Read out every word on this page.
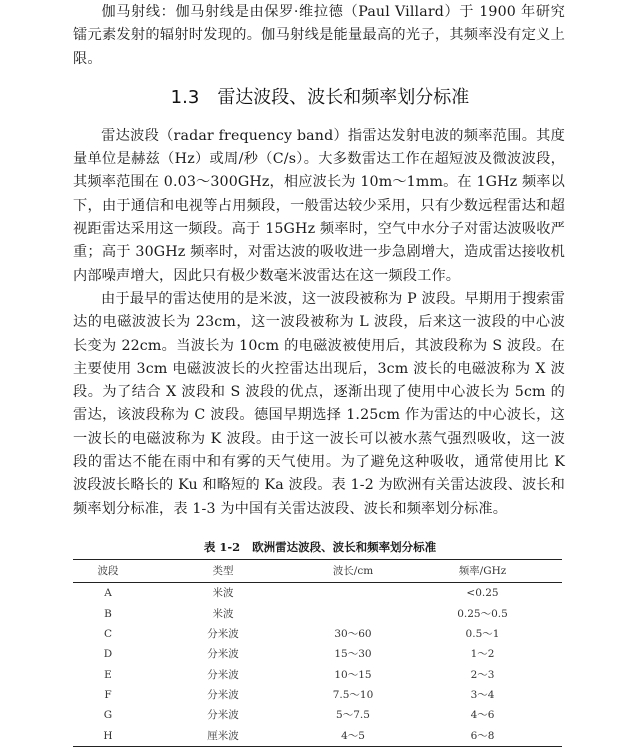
伽马射线：伽马射线是由保罗·维拉德（Paul Villard）于 1900 年研究镭元素发射的辐射时发现的。伽马射线是能量最高的光子，其频率没有定义上限。

1.3 雷达波段、波长和频率划分标准

雷达波段（radar frequency band）指雷达发射电波的频率范围。其度量单位是赫兹（Hz）或周/秒（C/s）。大多数雷达工作在超短波及微波波段，其频率范围在 0.03～300GHz，相应波长为 10m～1mm。在 1GHz 频率以下，由于通信和电视等占用频段，一般雷达较少采用，只有少数远程雷达和超视距雷达采用这一频段。高于 15GHz 频率时，空气中水分子对雷达波吸收严重；高于 30GHz 频率时，对雷达波的吸收进一步急剧增大，造成雷达接收机内部噪声增大，因此只有极少数毫米波雷达在这一频段工作。

由于最早的雷达使用的是米波，这一波段被称为 P 波段。早期用于搜索雷达的电磁波波长为 23cm，这一波段被称为 L 波段，后来这一波段的中心波长变为 22cm。当波长为 10cm 的电磁波被使用后，其波段称为 S 波段。在主要使用 3cm 电磁波波长的火控雷达出现后，3cm 波长的电磁波称为 X 波段。为了结合 X 波段和 S 波段的优点，逐渐出现了使用中心波长为 5cm 的雷达，该波段称为 C 波段。德国早期选择 1.25cm 作为雷达的中心波长，这一波长的电磁波称为 K 波段。由于这一波长可以被水蒸气强烈吸收，这一波段的雷达不能在雨中和有雾的天气使用。为了避免这种吸收，通常使用比 K 波段波长略长的 Ku 和略短的 Ka 波段。表 1-2 为欧洲有关雷达波段、波长和频率划分标准，表 1-3 为中国有关雷达波段、波长和频率划分标准。

表 1-2 欧洲雷达波段、波长和频率划分标准
波段	类型	波长/cm	频率/GHz
A	米波		<0.25
B	米波		0.25～0.5
C	分米波	30～60	0.5～1
D	分米波	15～30	1～2
E	分米波	10～15	2～3
F	分米波	7.5～10	3～4
G	分米波	5～7.5	4～6
H	厘米波	4～5	6～8
